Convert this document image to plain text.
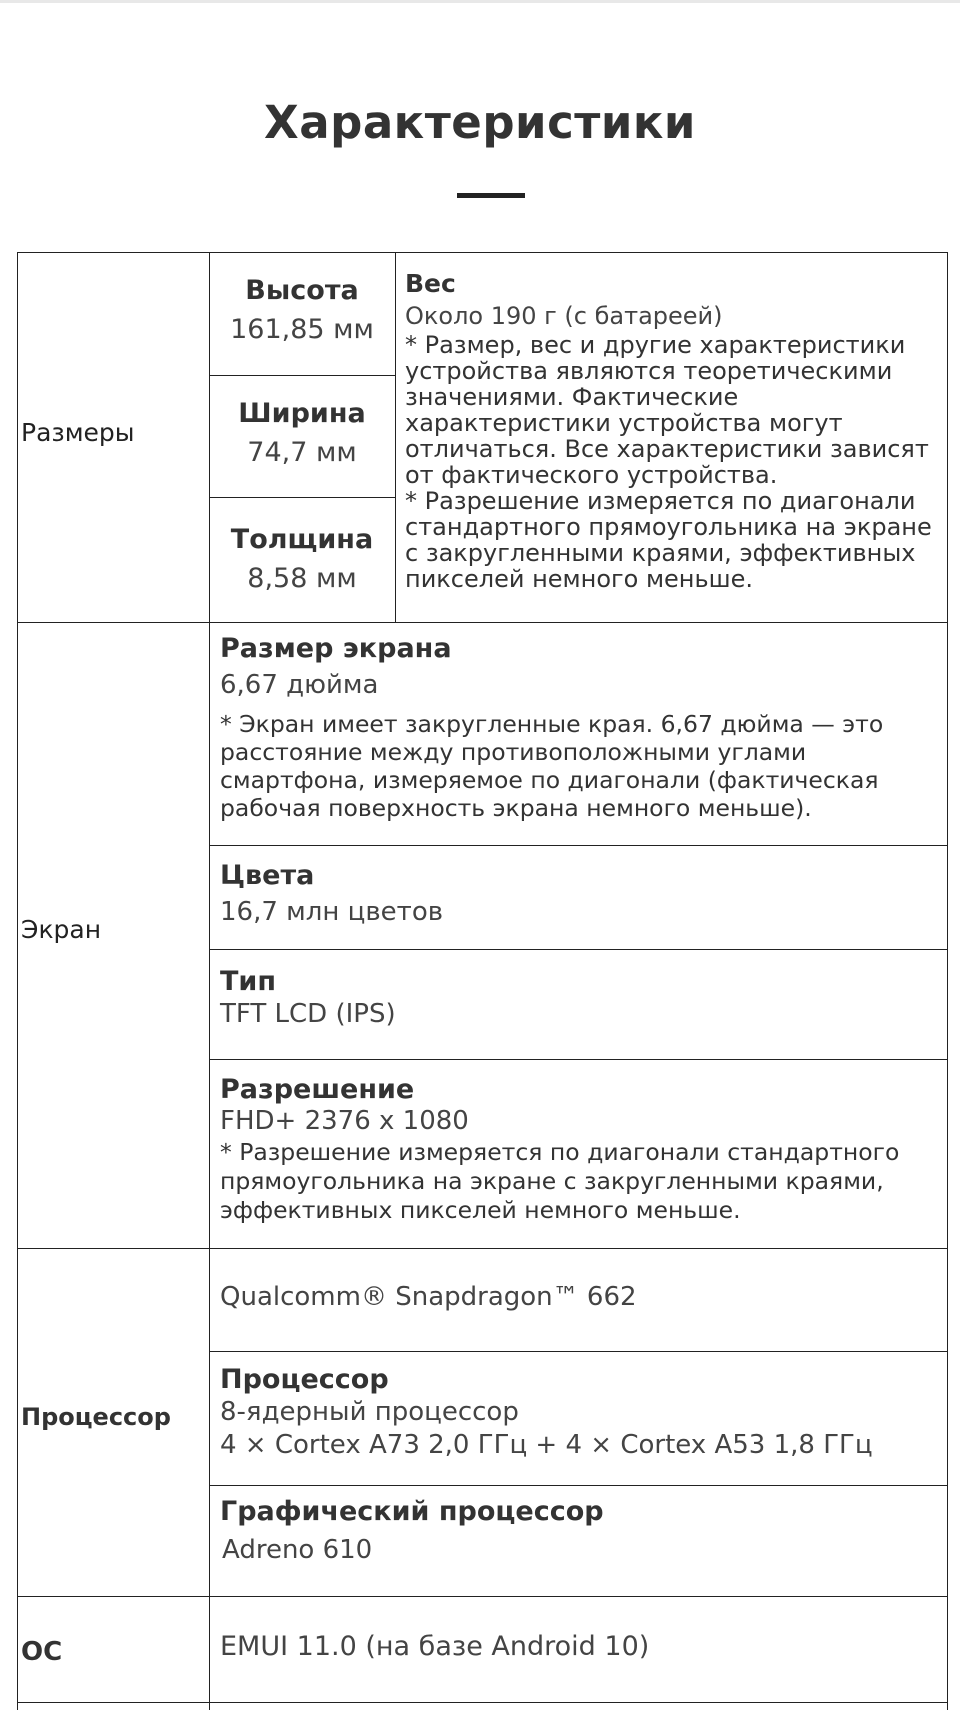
Характеристики
Размеры
Высота
161,85 мм
Ширина
74,7 мм
Толщина
8,58 мм
Вес
Около 190 г (с батареей)
* Размер, вес и другие характеристики устройства являются теоретическими значениями. Фактические характеристики устройства могут отличаться. Все характеристики зависят от фактического устройства.
* Разрешение измеряется по диагонали стандартного прямоугольника на экране с закругленными краями, эффективных пикселей немного меньше.
Экран
Размер экрана
6,67 дюйма
* Экран имеет закругленные края. 6,67 дюйма — это расстояние между противоположными углами смартфона, измеряемое по диагонали (фактическая рабочая поверхность экрана немного меньше).
Цвета
16,7 млн цветов
Тип
TFT LCD (IPS)
Разрешение
FHD+ 2376 x 1080
* Разрешение измеряется по диагонали стандартного прямоугольника на экране с закругленными краями, эффективных пикселей немного меньше.
Процессор
Qualcomm® Snapdragon™ 662
Процессор
8-ядерный процессор
4 × Cortex A73 2,0 ГГц + 4 × Cortex A53 1,8 ГГц
Графический процессор
Adreno 610
ОС	EMUI 11.0 (на базе Android 10)
